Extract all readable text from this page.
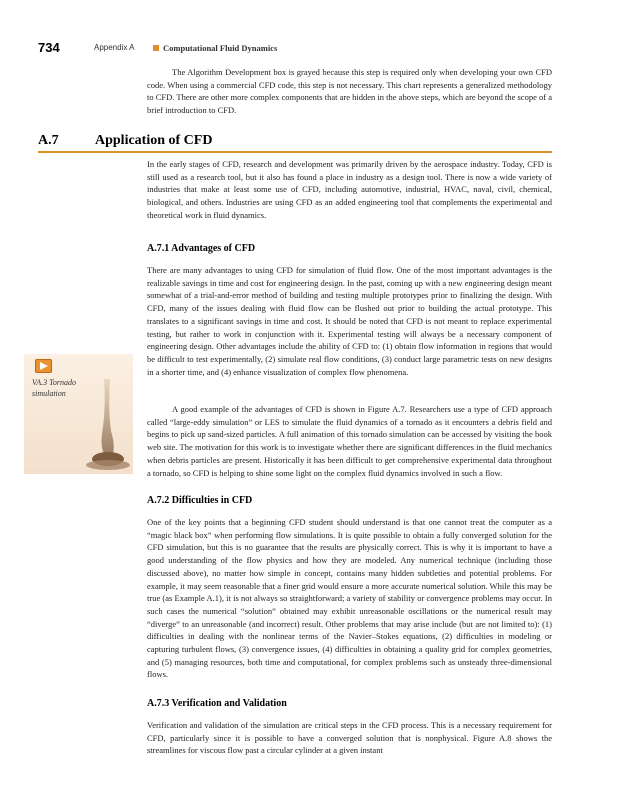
734	Appendix A	Computational Fluid Dynamics

The Algorithm Development box is grayed because this step is required only when developing your own CFD code. When using a commercial CFD code, this step is not necessary. This chart represents a generalized methodology to CFD. There are other more complex components that are hidden in the above steps, which are beyond the scope of a brief introduction to CFD.

A.7	Application of CFD

In the early stages of CFD, research and development was primarily driven by the aerospace industry. Today, CFD is still used as a research tool, but it also has found a place in industry as a design tool. There is now a wide variety of industries that make at least some use of CFD, including automotive, industrial, HVAC, naval, civil, chemical, biological, and others. Industries are using CFD as an added engineering tool that complements the experimental and theoretical work in fluid dynamics.

A.7.1 Advantages of CFD

There are many advantages to using CFD for simulation of fluid flow. One of the most important advantages is the realizable savings in time and cost for engineering design. In the past, coming up with a new engineering design meant somewhat of a trial-and-error method of building and testing multiple prototypes prior to finalizing the design. With CFD, many of the issues dealing with fluid flow can be flushed out prior to building the actual prototype. This translates to a significant savings in time and cost. It should be noted that CFD is not meant to replace experimental testing, but rather to work in conjunction with it. Experimental testing will always be a necessary component of engineering design. Other advantages include the ability of CFD to: (1) obtain flow information in regions that would be difficult to test experimentally, (2) simulate real flow conditions, (3) conduct large parametric tests on new designs in a shorter time, and (4) enhance visualization of complex flow phenomena.

A good example of the advantages of CFD is shown in Figure A.7. Researchers use a type of CFD approach called “large-eddy simulation” or LES to simulate the fluid dynamics of a tornado as it encounters a debris field and begins to pick up sand-sized particles. A full animation of this tornado simulation can be accessed by visiting the book web site. The motivation for this work is to investigate whether there are significant differences in the fluid mechanics when debris particles are present. Historically it has been difficult to get comprehensive experimental data throughout a tornado, so CFD is helping to shine some light on the complex fluid dynamics involved in such a flow.

VA.3 Tornado simulation
A.7.2 Difficulties in CFD

One of the key points that a beginning CFD student should understand is that one cannot treat the computer as a “magic black box” when performing flow simulations. It is quite possible to obtain a fully converged solution for the CFD simulation, but this is no guarantee that the results are physically correct. This is why it is important to have a good understanding of the flow physics and how they are modeled. Any numerical technique (including those discussed above), no matter how simple in concept, contains many hidden subtleties and potential problems. For example, it may seem reasonable that a finer grid would ensure a more accurate numerical solution. While this may be true (as Example A.1), it is not always so straightforward; a variety of stability or convergence problems may occur. In such cases the numerical “solution” obtained may exhibit unreasonable oscillations or the numerical result may “diverge” to an unreasonable (and incorrect) result. Other problems that may arise include (but are not limited to): (1) difficulties in dealing with the nonlinear terms of the Navier–Stokes equations, (2) difficulties in modeling or capturing turbulent flows, (3) convergence issues, (4) difficulties in obtaining a quality grid for complex geometries, and (5) managing resources, both time and computational, for complex problems such as unsteady three-dimensional flows.

A.7.3 Verification and Validation

Verification and validation of the simulation are critical steps in the CFD process. This is a necessary requirement for CFD, particularly since it is possible to have a converged solution that is nonphysical. Figure A.8 shows the streamlines for viscous flow past a circular cylinder at a given instant
